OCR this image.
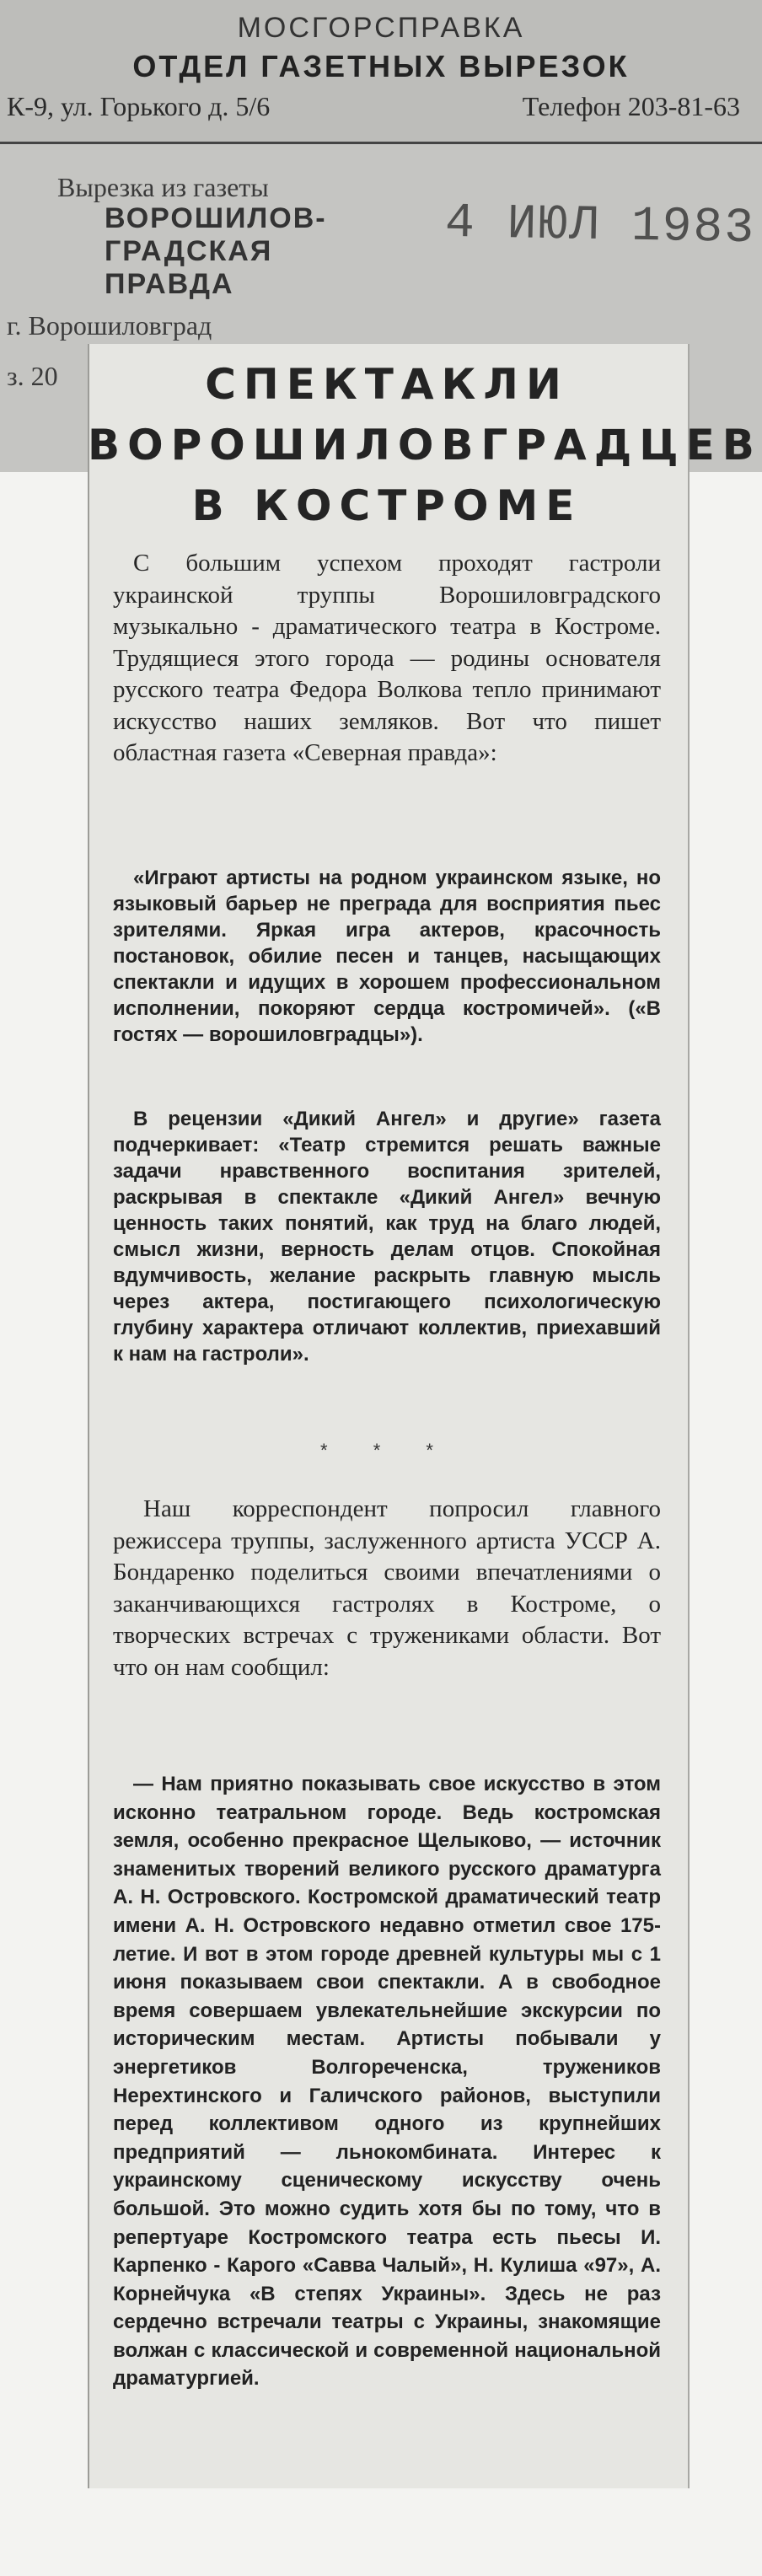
МОСГОРСПРАВКА
ОТДЕЛ ГАЗЕТНЫХ ВЫРЕЗОК
К-9, ул. Горького д. 5/6	Телефон 203-81-63
Вырезка из газеты
ВОРОШИЛОВ-ГРАДСКАЯ ПРАВДА
4 ИЮЛ 1983
г. Ворошиловград
з. 20	СПЕКТАКЛИ ВОРОШИЛОВГРАДЦЕВ В КОСТРОМЕ

С большим успехом проходят гастроли украинской труппы Ворошиловградского музыкально - драматического театра в Костроме. Трудящиеся этого города — родины основателя русского театра Федора Волкова тепло принимают искусство наших земляков. Вот что пишет областная газета «Северная правда»:

«Играют артисты на родном украинском языке, но языковый барьер не преграда для восприятия пьес зрителями. Яркая игра актеров, красочность постановок, обилие песен и танцев, насыщающих спектакли и идущих в хорошем профессиональном исполнении, покоряют сердца костромичей». («В гостях — ворошиловградцы»).

В рецензии «Дикий Ангел» и другие» газета подчеркивает: «Театр стремится решать важные задачи нравственного воспитания зрителей, раскрывая в спектакле «Дикий Ангел» вечную ценность таких понятий, как труд на благо людей, смысл жизни, верность делам отцов. Спокойная вдумчивость, желание раскрыть главную мысль через актера, постигающего психологическую глубину характера отличают коллектив, приехавший к нам на гастроли».

* * *

Наш корреспондент попросил главного режиссера труппы, заслуженного артиста УССР А. Бондаренко поделиться своими впечатлениями о заканчивающихся гастролях в Костроме, о творческих встречах с тружениками области. Вот что он нам сообщил:

— Нам приятно показывать свое искусство в этом исконно театральном городе. Ведь костромская земля, особенно прекрасное Щелыково, — источник знаменитых творений великого русского драматурга А. Н. Островского. Костромской драматический театр имени А. Н. Островского недавно отметил свое 175-летие. И вот в этом городе древней культуры мы с 1 июня показываем свои спектакли. А в свободное время совершаем увлекательнейшие экскурсии по историческим местам. Артисты побывали у энергетиков Волгореченска, тружеников Нерехтинского и Галичского районов, выступили перед коллективом одного из крупнейших предприятий — льнокомбината. Интерес к украинскому сценическому искусству очень большой. Это можно судить хотя бы по тому, что в репертуаре Костромского театра есть пьесы И. Карпенко - Карого «Савва Чалый», Н. Кулиша «97», А. Корнейчука «В степях Украины». Здесь не раз сердечно встречали театры с Украины, знакомящие волжан с классической и современной национальной драматургией.
